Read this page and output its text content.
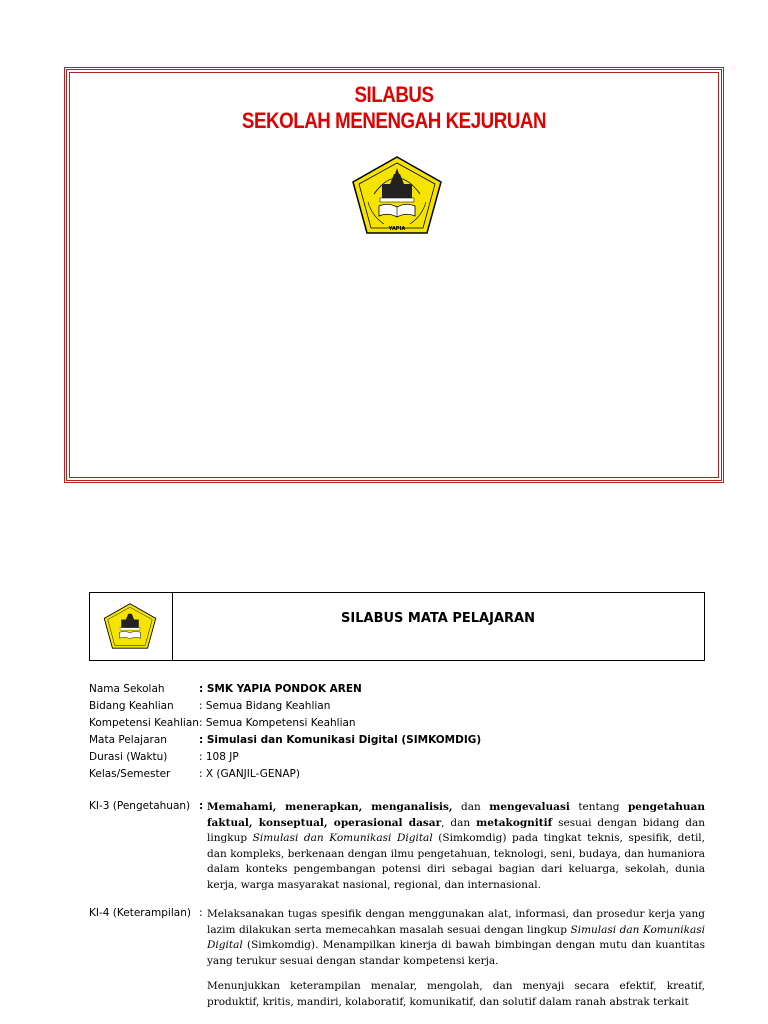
SILABUS
SEKOLAH MENENGAH KEJURUAN
YAPIA
SILABUS MATA PELAJARAN
Nama Sekolah	: SMK YAPIA PONDOK AREN
Bidang Keahlian : Semua Bidang Keahlian
Kompetensi Keahlian : Semua Kompetensi Keahlian
Mata Pelajaran	: Simulasi dan Komunikasi Digital (SIMKOMDIG)
Durasi (Waktu)	: 108 JP
Kelas/Semester	: X (GANJIL-GENAP)
KI-3 (Pengetahuan) : Memahami, menerapkan, menganalisis, dan mengevaluasi tentang pengetahuan faktual, konseptual, operasional dasar, dan metakognitif sesuai dengan bidang dan lingkup Simulasi dan Komunikasi Digital (Simkomdig) pada tingkat teknis, spesifik, detil, dan kompleks, berkenaan dengan ilmu pengetahuan, teknologi, seni, budaya, dan humaniora dalam konteks pengembangan potensi diri sebagai bagian dari keluarga, sekolah, dunia kerja, warga masyarakat nasional, regional, dan internasional.
KI-4 (Keterampilan) : Melaksanakan tugas spesifik dengan menggunakan alat, informasi, dan prosedur kerja yang lazim dilakukan serta memecahkan masalah sesuai dengan lingkup Simulasi dan Komunikasi Digital (Simkomdig). Menampilkan kinerja di bawah bimbingan dengan mutu dan kuantitas yang terukur sesuai dengan standar kompetensi kerja.
Menunjukkan keterampilan menalar, mengolah, dan menyaji secara efektif, kreatif, produktif, kritis, mandiri, kolaboratif, komunikatif, dan solutif dalam ranah abstrak terkait
